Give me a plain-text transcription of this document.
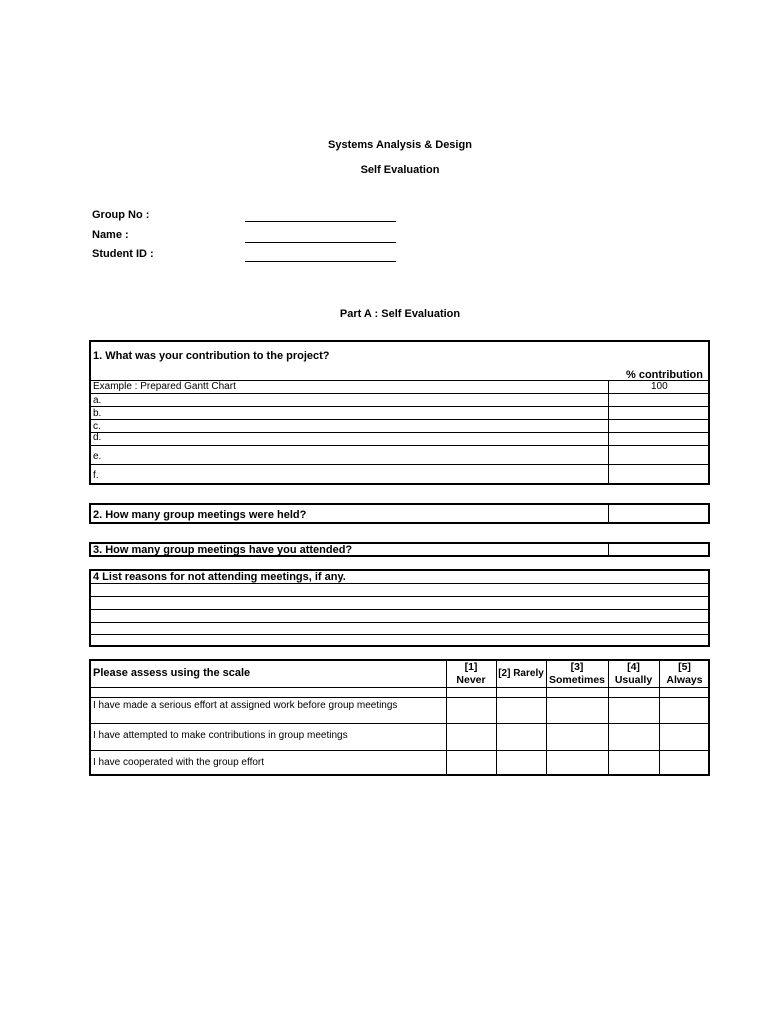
Systems Analysis & Design
Self Evaluation
Group No :
Name :
Student ID :
Part A : Self Evaluation
1. What was your contribution to the project?
% contribution
Example : Prepared Gantt Chart	100
a.
b.
c.
d.
e.
f.
2. How many group meetings were held?
3. How many group meetings have you attended?
4 List reasons for not attending meetings, if any.
Please assess using the scale	[1]
Never
[2] Rarely
[3]
Sometimes
[4]
Usually
[5]
Always
I have made a serious effort at assigned work before group meetings
I have attempted to make contributions in group meetings
I have cooperated with the group effort
